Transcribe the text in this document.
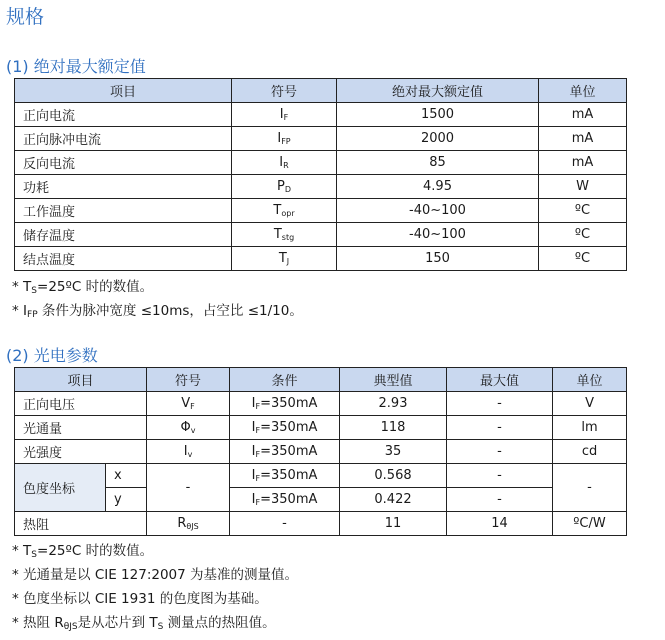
规格
(1) 绝对最大额定值
项目	符号	绝对最大额定值	单位
正向电流	$I_F$	1500	mA
正向脉冲电流	$I_{FP}$	2000	mA
反向电流	$I_R$	85	mA
功耗	$P_D$	4.95	W
工作温度	$T_{opr}$	-40~100	ºC
储存温度	$T_{stg}$	-40~100	ºC
结点温度	$T_J$	150	ºC
* $T_S=25ºC$ 时的数值。
* $I_{FP}$ 条件为脉冲宽度 ≤10ms，占空比 ≤1/10。
(2) 光电参数
项目		符号	条件	典型值	最大值	单位
正向电压		$V_F$	$I_F=350mA$	2.93	-	V
光通量		$\Phi_v$	$I_F=350mA$	118	-	lm
光强度		$I_v$	$I_F=350mA$	35	-	cd
色度坐标	x	-	$I_F=350mA$	0.568	-	-
	y		$I_F=350mA$	0.422	-	
热阻		$R_{\theta JS}$	-	11	14	ºC/W
* $T_S=25ºC$ 时的数值。
* 光通量是以 CIE 127:2007 为基准的测量值。
* 色度坐标以 CIE 1931 的色度图为基础。
* 热阻 $R_{\theta JS}$是从芯片到 $T_S$ 测量点的热阻值。
